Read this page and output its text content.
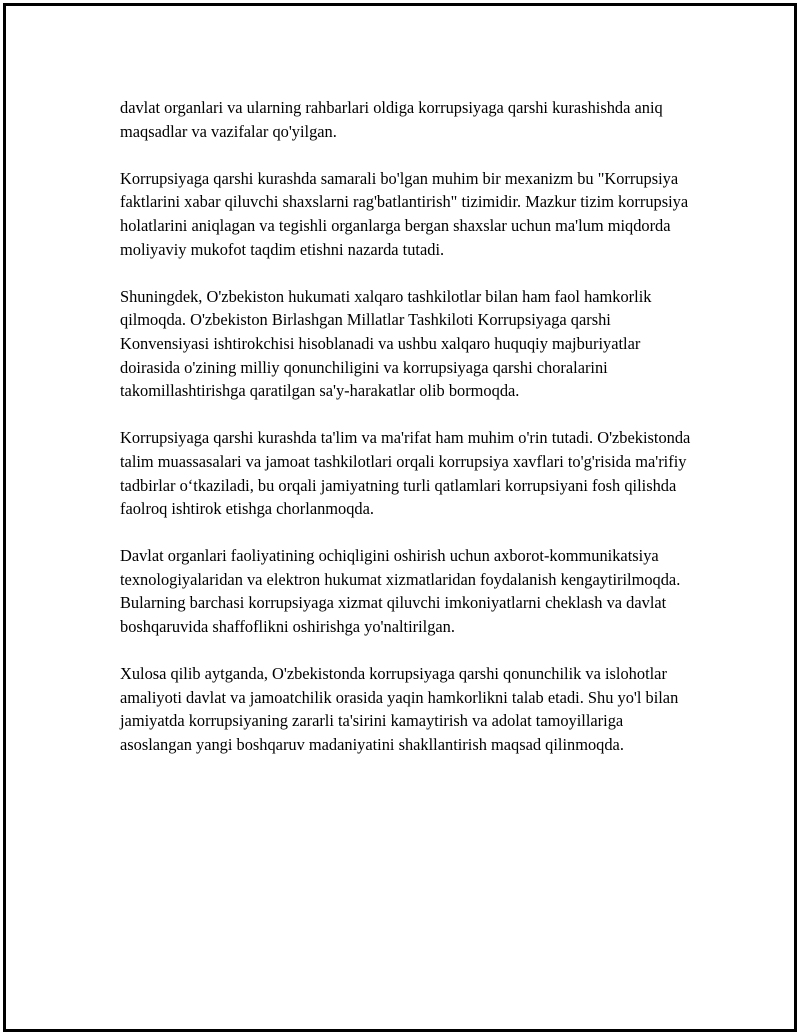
davlat organlari va ularning rahbarlari oldiga korrupsiyaga qarshi kurashishda aniq maqsadlar va vazifalar qo'yilgan.

Korrupsiyaga qarshi kurashda samarali bo'lgan muhim bir mexanizm bu "Korrupsiya faktlarini xabar qiluvchi shaxslarni rag'batlantirish" tizimidir. Mazkur tizim korrupsiya holatlarini aniqlagan va tegishli organlarga bergan shaxslar uchun ma'lum miqdorda moliyaviy mukofot taqdim etishni nazarda tutadi.

Shuningdek, O'zbekiston hukumati xalqaro tashkilotlar bilan ham faol hamkorlik qilmoqda. O'zbekiston Birlashgan Millatlar Tashkiloti Korrupsiyaga qarshi Konvensiyasi ishtirokchisi hisoblanadi va ushbu xalqaro huquqiy majburiyatlar doirasida o'zining milliy qonunchiligini va korrupsiyaga qarshi choralarini takomillashtirishga qaratilgan sa'y-harakatlar olib bormoqda.

Korrupsiyaga qarshi kurashda ta'lim va ma'rifat ham muhim o'rin tutadi. O'zbekistonda talim muassasalari va jamoat tashkilotlari orqali korrupsiya xavflari to'g'risida ma'rifiy tadbirlar o‘tkaziladi, bu orqali jamiyatning turli qatlamlari korrupsiyani fosh qilishda faolroq ishtirok etishga chorlanmoqda.

Davlat organlari faoliyatining ochiqligini oshirish uchun axborot-kommunikatsiya texnologiyalaridan va elektron hukumat xizmatlaridan foydalanish kengaytirilmoqda. Bularning barchasi korrupsiyaga xizmat qiluvchi imkoniyatlarni cheklash va davlat boshqaruvida shaffoflikni oshirishga yo'naltirilgan.

Xulosa qilib aytganda, O'zbekistonda korrupsiyaga qarshi qonunchilik va islohotlar amaliyoti davlat va jamoatchilik orasida yaqin hamkorlikni talab etadi. Shu yo'l bilan jamiyatda korrupsiyaning zararli ta'sirini kamaytirish va adolat tamoyillariga asoslangan yangi boshqaruv madaniyatini shakllantirish maqsad qilinmoqda.
